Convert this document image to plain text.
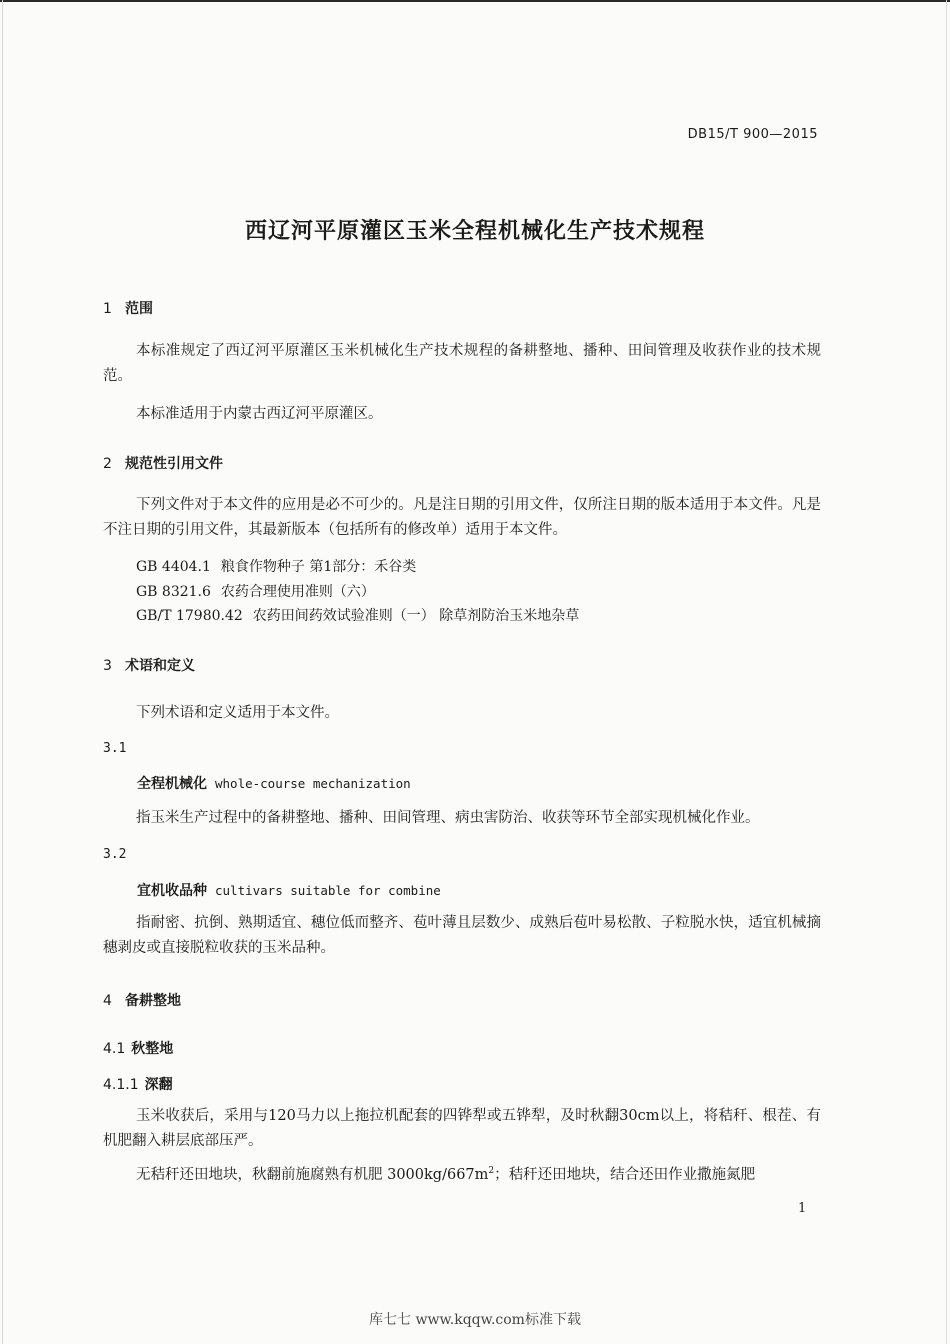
DB15/T 900—2015
西辽河平原灌区玉米全程机械化生产技术规程
1 范围
本标准规定了西辽河平原灌区玉米机械化生产技术规程的备耕整地、播种、田间管理及收获作业的技术规范。
本标准适用于内蒙古西辽河平原灌区。
2 规范性引用文件
下列文件对于本文件的应用是必不可少的。凡是注日期的引用文件，仅所注日期的版本适用于本文件。凡是不注日期的引用文件，其最新版本（包括所有的修改单）适用于本文件。
GB 4404.1 粮食作物种子 第1部分：禾谷类
GB 8321.6 农药合理使用准则（六）
GB/T 17980.42 农药田间药效试验准则（一） 除草剂防治玉米地杂草
3 术语和定义
下列术语和定义适用于本文件。
3.1
全程机械化 whole-course mechanization
指玉米生产过程中的备耕整地、播种、田间管理、病虫害防治、收获等环节全部实现机械化作业。
3.2
宜机收品种 cultivars suitable for combine
指耐密、抗倒、熟期适宜、穗位低而整齐、苞叶薄且层数少、成熟后苞叶易松散、子粒脱水快，适宜机械摘穗剥皮或直接脱粒收获的玉米品种。
4 备耕整地
4.1 秋整地
4.1.1 深翻
玉米收获后，采用与120马力以上拖拉机配套的四铧犁或五铧犁，及时秋翻30cm以上，将秸秆、根茬、有机肥翻入耕层底部压严。
无秸秆还田地块，秋翻前施腐熟有机肥 $3000kg/667m^2$；秸秆还田地块，结合还田作业撒施氮肥
1
库七七 www.kqqw.com标准下载
